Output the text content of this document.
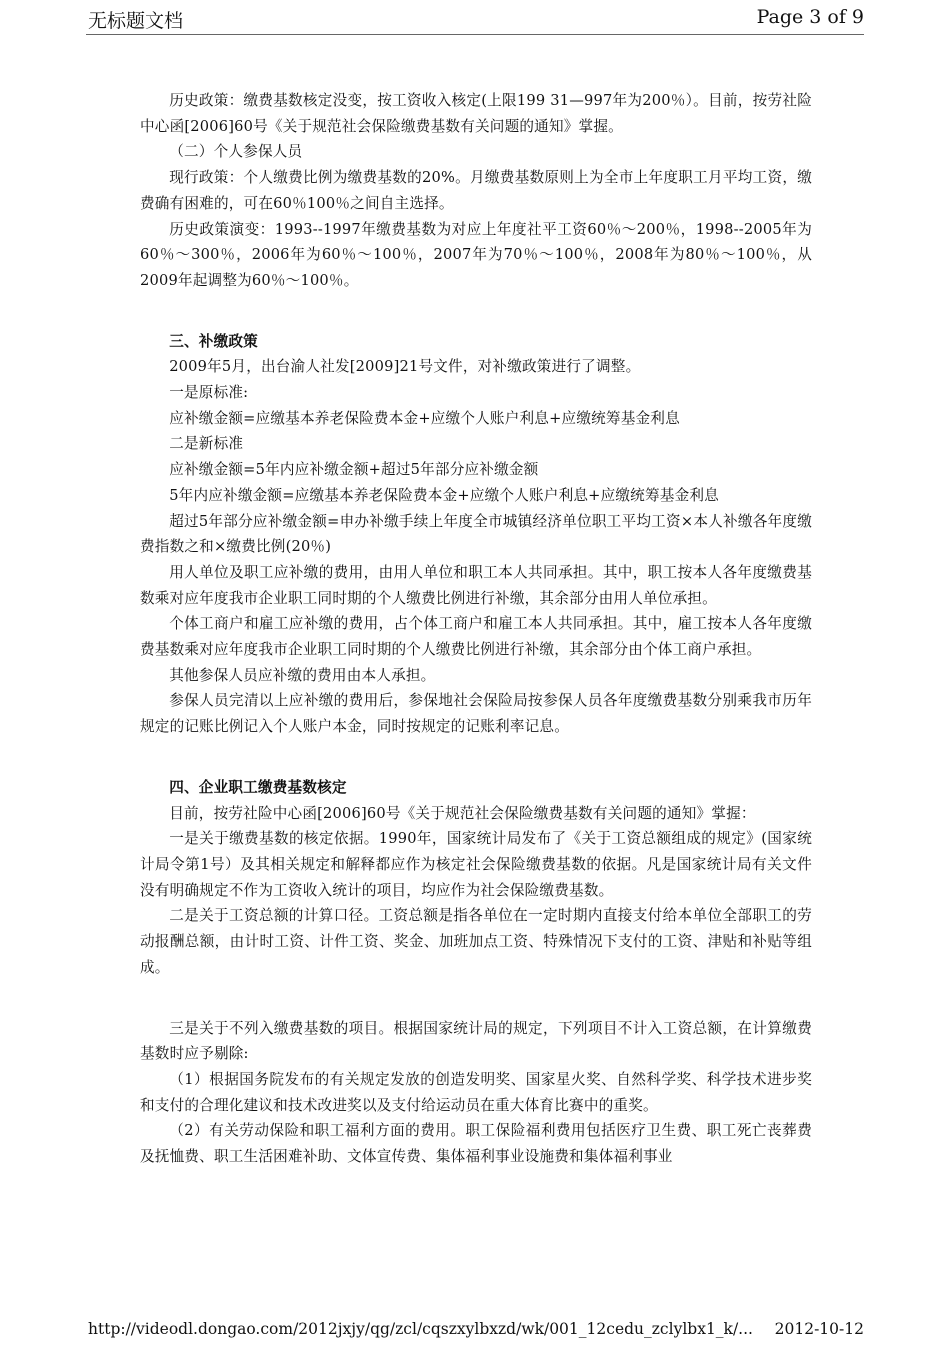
无标题文档	Page 3 of 9

历史政策：缴费基数核定没变，按工资收入核定(上限199 31—997年为200％）。目前，按劳社险中心函[2006]60号《关于规范社会保险缴费基数有关问题的通知》掌握。

（二）个人参保人员

现行政策：个人缴费比例为缴费基数的20%。月缴费基数原则上为全市上年度职工月平均工资，缴费确有困难的，可在60％100％之间自主选择。

历史政策演变：1993--1997年缴费基数为对应上年度社平工资60％～200％，1998--2005年为60％～300％，2006年为60％～100％，2007年为70％～100％，2008年为80％～100％，从2009年起调整为60％～100％。

三、补缴政策

2009年5月，出台渝人社发[2009]21号文件，对补缴政策进行了调整。

一是原标准:

应补缴金额=应缴基本养老保险费本金+应缴个人账户利息+应缴统筹基金利息

二是新标准

应补缴金额=5年内应补缴金额+超过5年部分应补缴金额

5年内应补缴金额=应缴基本养老保险费本金+应缴个人账户利息+应缴统筹基金利息

超过5年部分应补缴金额=申办补缴手续上年度全市城镇经济单位职工平均工资×本人补缴各年度缴费指数之和×缴费比例(20％)

用人单位及职工应补缴的费用，由用人单位和职工本人共同承担。其中，职工按本人各年度缴费基数乘对应年度我市企业职工同时期的个人缴费比例进行补缴，其余部分由用人单位承担。

个体工商户和雇工应补缴的费用，占个体工商户和雇工本人共同承担。其中，雇工按本人各年度缴费基数乘对应年度我市企业职工同时期的个人缴费比例进行补缴，其余部分由个体工商户承担。

其他参保人员应补缴的费用由本人承担。

参保人员完清以上应补缴的费用后，参保地社会保险局按参保人员各年度缴费基数分别乘我市历年规定的记账比例记入个人账户本金，同时按规定的记账利率记息。

四、企业职工缴费基数核定

目前，按劳社险中心函[2006]60号《关于规范社会保险缴费基数有关问题的通知》掌握：

一是关于缴费基数的核定依据。1990年，国家统计局发布了《关于工资总额组成的规定》(国家统计局令第1号）及其相关规定和解释都应作为核定社会保险缴费基数的依据。凡是国家统计局有关文件没有明确规定不作为工资收入统计的项目，均应作为社会保险缴费基数。

二是关于工资总额的计算口径。工资总额是指各单位在一定时期内直接支付给本单位全部职工的劳动报酬总额，由计时工资、计件工资、奖金、加班加点工资、特殊情况下支付的工资、津贴和补贴等组成。

三是关于不列入缴费基数的项目。根据国家统计局的规定，下列项目不计入工资总额，在计算缴费基数时应予剔除:

（1）根据国务院发布的有关规定发放的创造发明奖、国家星火奖、自然科学奖、科学技术进步奖和支付的合理化建议和技术改进奖以及支付给运动员在重大体育比赛中的重奖。

（2）有关劳动保险和职工福利方面的费用。职工保险福利费用包括医疗卫生费、职工死亡丧葬费及抚恤费、职工生活困难补助、文体宣传费、集体福利事业设施费和集体福利事业

http://videodl.dongao.com/2012jxjy/qg/zcl/cqszxylbxzd/wk/001_12cedu_zclylbx1_k/... 2012-10-12
